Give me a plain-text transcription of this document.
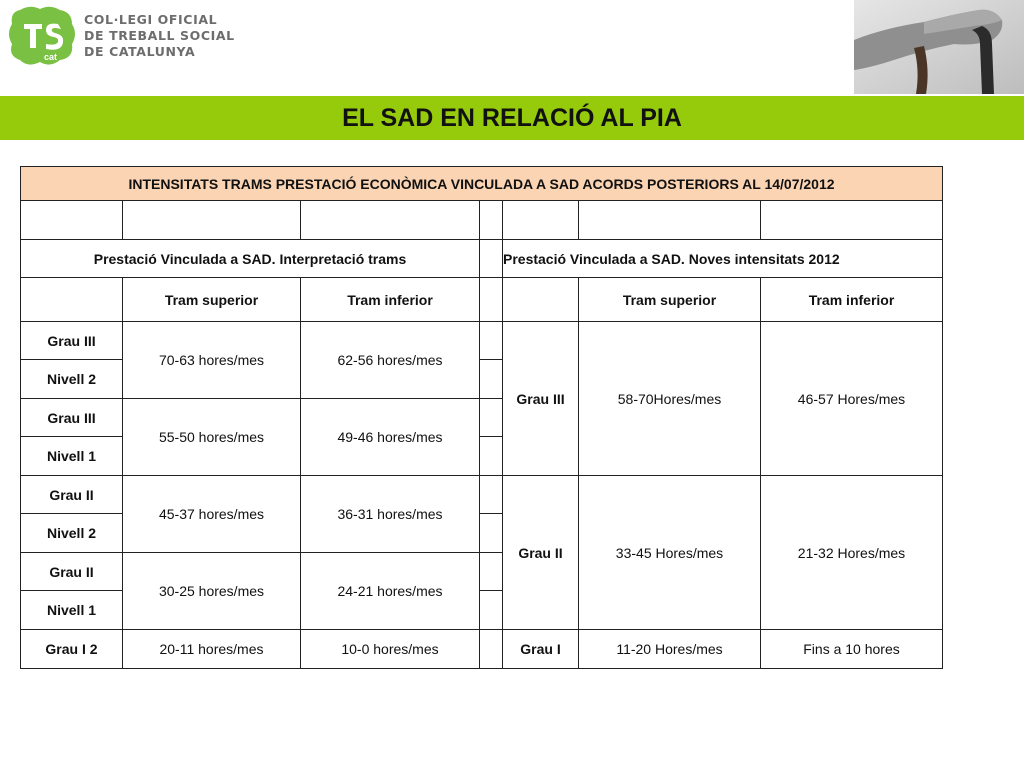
cat
COL·LEGI OFICIAL
DE TREBALL SOCIAL
DE CATALUNYA
EL SAD EN RELACIÓ AL PIA
INTENSITATS TRAMS PRESTACIÓ ECONÒMICA VINCULADA A SAD ACORDS POSTERIORS AL 14/07/2012						

Prestació Vinculada a SAD. Interpretació trams				Prestació Vinculada a SAD. Noves intensitats 2012		
	Tram superior	Tram inferior			Tram superior	Tram inferior
Grau III	70-63 hores/mes	62-56 hores/mes		Grau III	58-70Hores/mes	46-57 Hores/mes
Nivell 2						
Grau III	55-50 hores/mes	49-46 hores/mes				
Nivell 1						
Grau II	45-37 hores/mes	36-31 hores/mes		Grau II	33-45 Hores/mes	21-32 Hores/mes
Nivell 2						
Grau II	30-25 hores/mes	24-21 hores/mes				
Nivell 1						
Grau I 2	20-11 hores/mes	10-0 hores/mes		Grau I	11-20 Hores/mes	Fins a 10 hores
